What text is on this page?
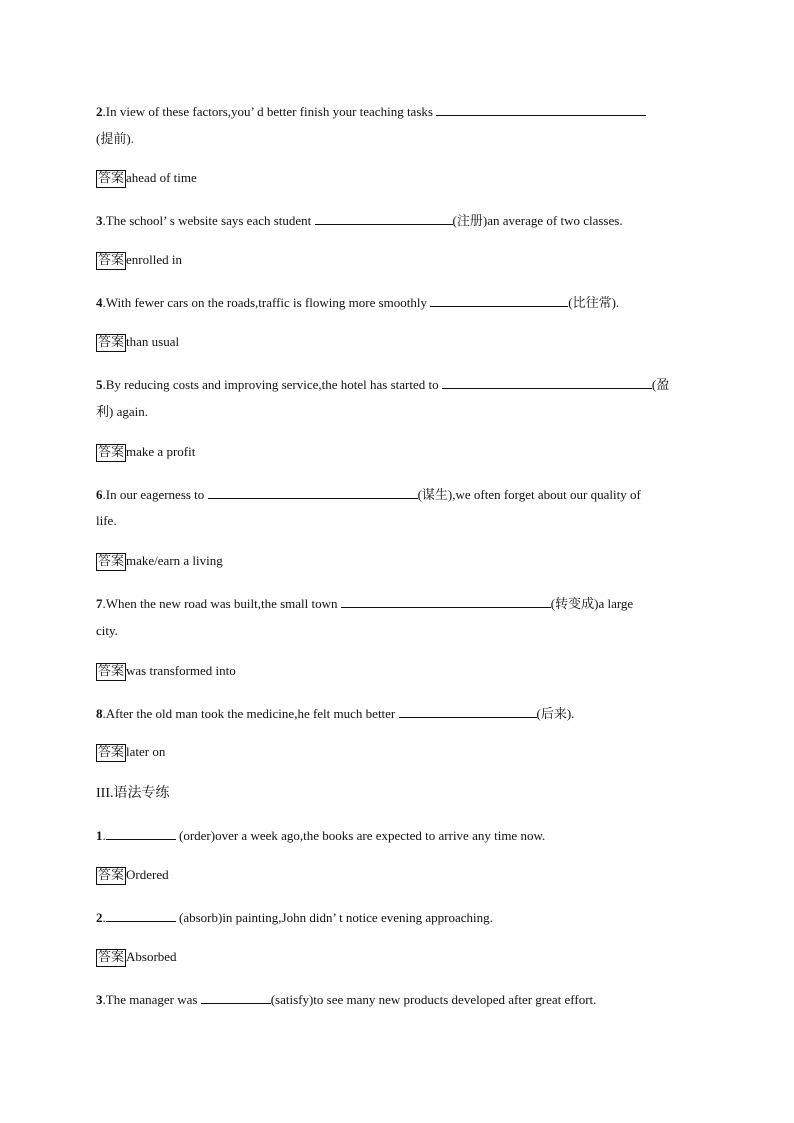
2.In view of these factors,you’ d better finish your teaching tasks
(提前).
答案 ahead of time
3.The school’ s website says each student	(注册)an average of two classes.
答案 enrolled in
4.With fewer cars on the roads,traffic is flowing more smoothly	(比往常).
答案 than usual
5.By reducing costs and improving service,the hotel has started to	(盈
利) again.
答案 make a profit
6.In our eagerness to	(谋生),we often forget about our quality of
life.
答案 make/earn a living
7.When the new road was built,the small town	(转变成)a large
city.
答案 was transformed into
8.After the old man took the medicine,he felt much better	(后来).
答案 later on
III.语法专练
1.	(order)over a week ago,the books are expected to arrive any time now.
答案 Ordered
2.	(absorb)in painting,John didn’ t notice evening approaching.
答案 Absorbed
3.The manager was	(satisfy)to see many new products developed after great effort.
